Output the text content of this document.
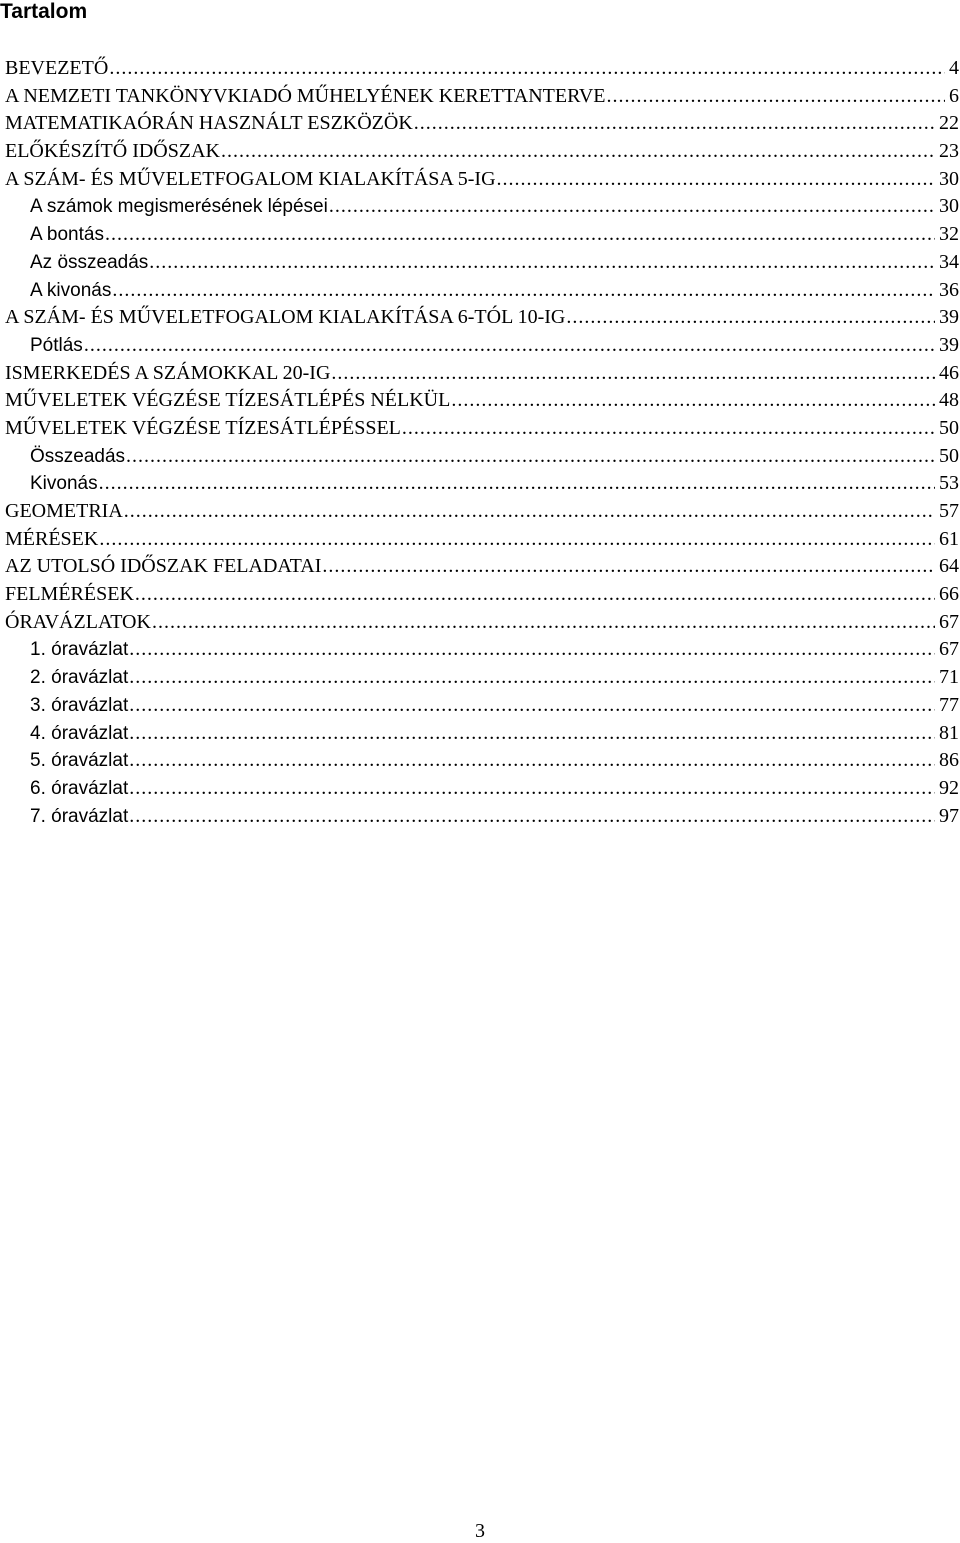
Tartalom
BEVEZETŐ .....	4
A NEMZETI TANKÖNYVKIADÓ MŰHELYÉNEK KERETTANTERVE .....	6
MATEMATIKAÓRÁN HASZNÁLT ESZKÖZÖK .....	22
ELŐKÉSZÍTŐ IDŐSZAK .....	23
A SZÁM- ÉS MŰVELETFOGALOM KIALAKÍTÁSA 5-IG .....	30
A számok megismerésének lépései .....	30
A bontás .....	32
Az összeadás .....	34
A kivonás .....	36
A SZÁM- ÉS MŰVELETFOGALOM KIALAKÍTÁSA 6-TÓL 10-IG .....	39
Pótlás .....	39
ISMERKEDÉS A SZÁMOKKAL 20-IG .....	46
MŰVELETEK VÉGZÉSE TÍZESÁTLÉPÉS NÉLKÜL .....	48
MŰVELETEK VÉGZÉSE TÍZESÁTLÉPÉSSEL .....	50
Összeadás .....	50
Kivonás .....	53
GEOMETRIA .....	57
MÉRÉSEK .....	61
AZ UTOLSÓ IDŐSZAK FELADATAI .....	64
FELMÉRÉSEK .....	66
ÓRAVÁZLATOK .....	67
1. óravázlat .....	67
2. óravázlat .....	71
3. óravázlat .....	77
4. óravázlat .....	81
5. óravázlat .....	86
6. óravázlat .....	92
7. óravázlat .....	97
3
